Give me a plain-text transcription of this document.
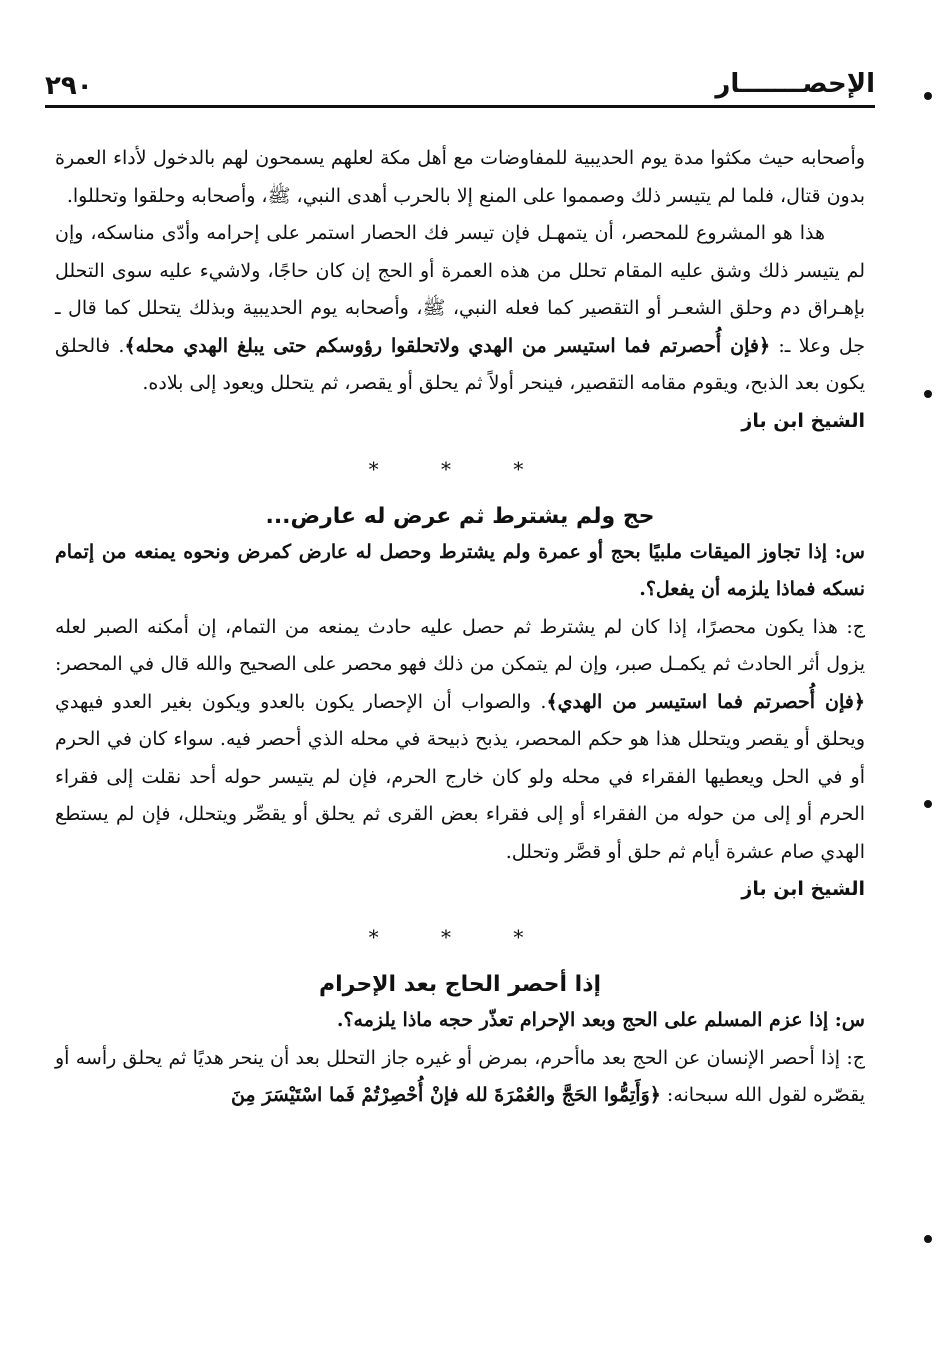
٢٩٠	الإحصـــــــار

وأصحابه حيث مكثوا مدة يوم الحديبية للمفاوضات مع أهل مكة لعلهم يسمحون لهم بالدخول لأداء العمرة بدون قتال، فلما لم يتيسر ذلك وصمموا على المنع إلا بالحرب أهدى النبي، ﷺ، وأصحابه وحلقوا وتحللوا.

هذا هو المشروع للمحصر، أن يتمهـل فإن تيسر فك الحصار استمر على إحرامه وأدّى مناسكه، وإن لم يتيسر ذلك وشق عليه المقام تحلل من هذه العمرة أو الحج إن كان حاجًا، ولاشيء عليه سوى التحلل بإهـراق دم وحلق الشعـر أو التقصير كما فعله النبي، ﷺ، وأصحابه يوم الحديبية وبذلك يتحلل كما قال ـ جل وعلا ـ: ﴿فإن أُحصرتم فما استيسر من الهدي ولاتحلقوا رؤوسكم حتى يبلغ الهدي محله﴾. فالحلق يكون بعد الذبح، ويقوم مقامه التقصير، فينحر أولاً ثم يحلق أو يقصر، ثم يتحلل ويعود إلى بلاده.

الشيخ ابن باز

* * *

حج ولم يشترط ثم عرض له عارض...

س: إذا تجاوز الميقات ملبيًا بحج أو عمرة ولم يشترط وحصل له عارض كمرض ونحوه يمنعه من إتمام نسكه فماذا يلزمه أن يفعل؟.

ج: هذا يكون محصرًا، إذا كان لم يشترط ثم حصل عليه حادث يمنعه من التمام، إن أمكنه الصبر لعله يزول أثر الحادث ثم يكمـل صبر، وإن لم يتمكن من ذلك فهو محصر على الصحيح والله قال في المحصر: ﴿فإن أُحصرتم فما استيسر من الهدي﴾. والصواب أن الإحصار يكون بالعدو ويكون بغير العدو فيهدي ويحلق أو يقصر ويتحلل هذا هو حكم المحصر، يذبح ذبيحة في محله الذي أحصر فيه. سواء كان في الحرم أو في الحل ويعطيها الفقراء في محله ولو كان خارج الحرم، فإن لم يتيسر حوله أحد نقلت إلى فقراء الحرم أو إلى من حوله من الفقراء أو إلى فقراء بعض القرى ثم يحلق أو يقصِّر ويتحلل، فإن لم يستطع الهدي صام عشرة أيام ثم حلق أو قصَّر وتحلل.

الشيخ ابن باز

* * *

إذا أحصر الحاج بعد الإحرام

س: إذا عزم المسلم على الحج وبعد الإحرام تعذّر حجه ماذا يلزمه؟.

ج: إذا أحصر الإنسان عن الحج بعد ماأحرم، بمرض أو غيره جاز التحلل بعد أن ينحر هديًا ثم يحلق رأسه أو يقصّره لقول الله سبحانه: ﴿وَأَتِمُّوا الحَجَّ والعُمْرَةَ لله فإنْ أُحْصِرْتُمْ فَما اسْتَيْسَرَ مِنَ
